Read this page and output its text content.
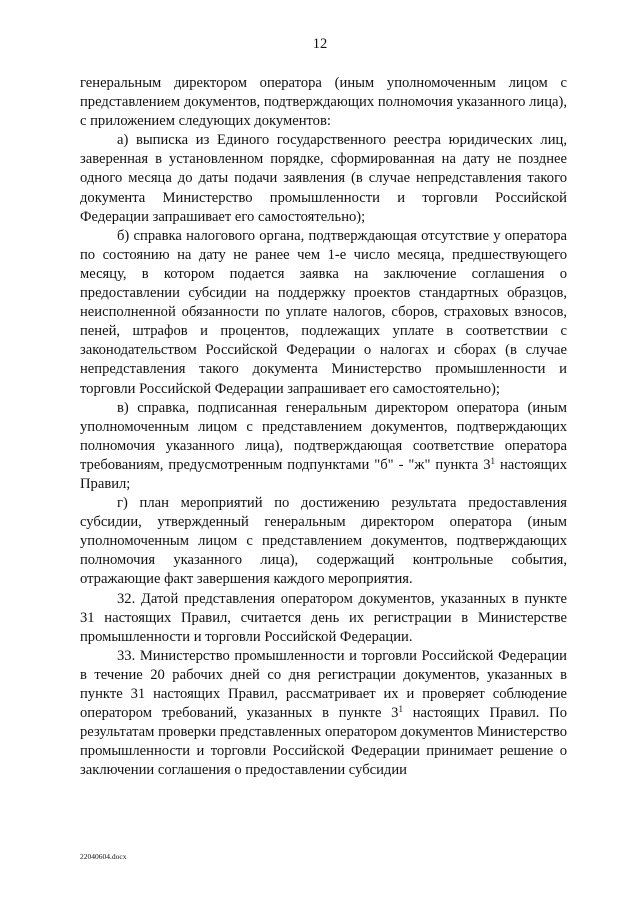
12

генеральным директором оператора (иным уполномоченным лицом с представлением документов, подтверждающих полномочия указанного лица), с приложением следующих документов:

а) выписка из Единого государственного реестра юридических лиц, заверенная в установленном порядке, сформированная на дату не позднее одного месяца до даты подачи заявления (в случае непредставления такого документа Министерство промышленности и торговли Российской Федерации запрашивает его самостоятельно);

б) справка налогового органа, подтверждающая отсутствие у оператора по состоянию на дату не ранее чем 1-е число месяца, предшествующего месяцу, в котором подается заявка на заключение соглашения о предоставлении субсидии на поддержку проектов стандартных образцов, неисполненной обязанности по уплате налогов, сборов, страховых взносов, пеней, штрафов и процентов, подлежащих уплате в соответствии с законодательством Российской Федерации о налогах и сборах (в случае непредставления такого документа Министерство промышленности и торговли Российской Федерации запрашивает его самостоятельно);

в) справка, подписанная генеральным директором оператора (иным уполномоченным лицом с представлением документов, подтверждающих полномочия указанного лица), подтверждающая соответствие оператора требованиям, предусмотренным подпунктами "б" - "ж" пункта $3^1$ настоящих Правил;

г) план мероприятий по достижению результата предоставления субсидии, утвержденный генеральным директором оператора (иным уполномоченным лицом с представлением документов, подтверждающих полномочия указанного лица), содержащий контрольные события, отражающие факт завершения каждого мероприятия.

32. Датой представления оператором документов, указанных в пункте 31 настоящих Правил, считается день их регистрации в Министерстве промышленности и торговли Российской Федерации.

33. Министерство промышленности и торговли Российской Федерации в течение 20 рабочих дней со дня регистрации документов, указанных в пункте 31 настоящих Правил, рассматривает их и проверяет соблюдение оператором требований, указанных в пункте $3^1$ настоящих Правил. По результатам проверки представленных оператором документов Министерство промышленности и торговли Российской Федерации принимает решение о заключении соглашения о предоставлении субсидии

22040604.docx
